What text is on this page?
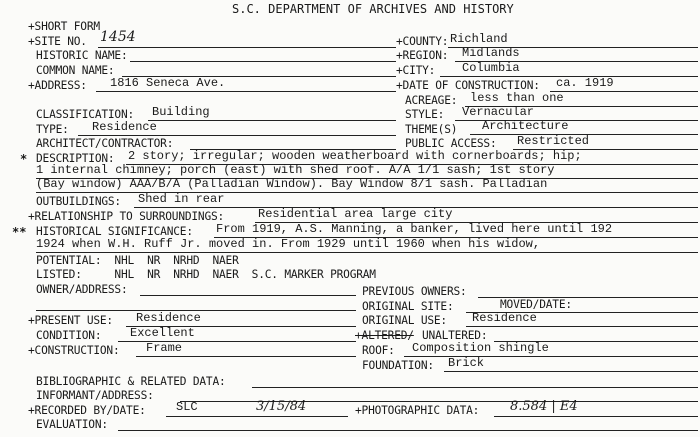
S.C. DEPARTMENT OF ARCHIVES AND HISTORY
+SHORT FORM
+SITE NO. 1454	+COUNTY: Richland
HISTORIC NAME:	+REGION: Midlands
COMMON NAME:	+CITY: Columbia
+ADDRESS: 1816 Seneca Ave.	+DATE OF CONSTRUCTION: ca. 1919
ACREAGE: less than one
CLASSIFICATION: Building	STYLE: Vernacular
TYPE: Residence	THEME(S) Architecture
ARCHITECT/CONTRACTOR:	PUBLIC ACCESS: Restricted
* DESCRIPTION: 2 story; irregular; wooden weatherboard with cornerboards; hip;
1 internal chimney; porch (east) with shed roof. A/A 1/1 sash; 1st story
(Bay window) AAA/B/A (Palladian Window). Bay Window 8/1 sash. Palladian
OUTBUILDINGS: Shed in rear
+RELATIONSHIP TO SURROUNDINGS:	Residential area large city
** HISTORICAL SIGNIFICANCE: From 1919, A.S. Manning, a banker, lived here until 192
1924 when W.H. Ruff Jr. moved in. From 1929 until 1960 when his widow,
POTENTIAL:  NHL  NR  NRHD  NAER
LISTED:     NHL  NR  NRHD  NAER  S.C. MARKER PROGRAM
OWNER/ADDRESS:	PREVIOUS OWNERS:
ORIGINAL SITE:	MOVED/DATE:
+PRESENT USE: Residence	ORIGINAL USE: Residence
CONDITION: Excellent	+ALTERED/ UNALTERED:
+CONSTRUCTION: Frame	ROOF: Composition shingle
FOUNDATION: Brick
BIBLIOGRAPHIC & RELATED DATA:
INFORMANT/ADDRESS:
+RECORDED BY/DATE:	SLC	3/15/84	+PHOTOGRAPHIC DATA: 8.584 | E4
EVALUATION:
